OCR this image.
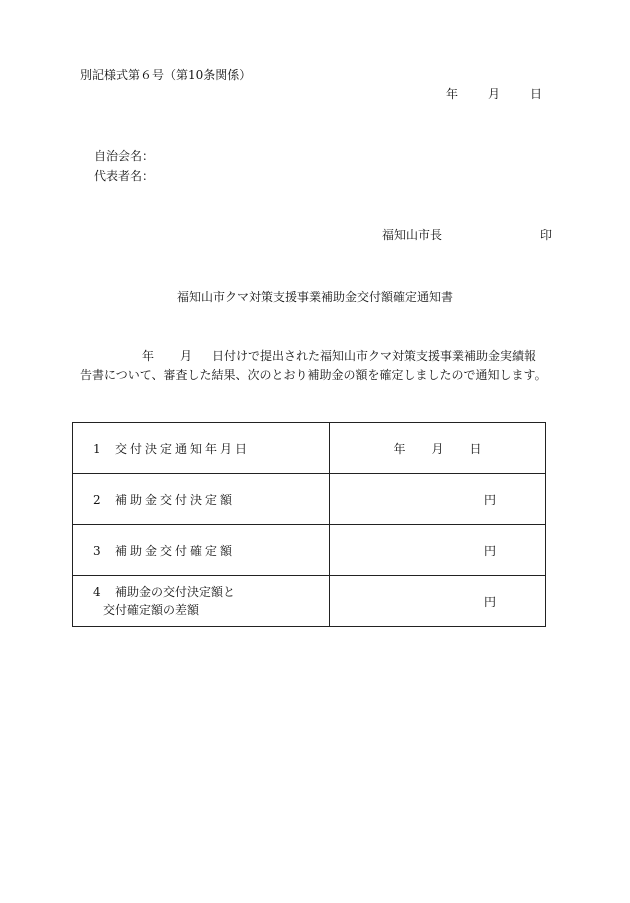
別記様式第６号（第10条関係）
年	月	日
自治会名：
代表者名：
福知山市長	印
福知山市クマ対策支援事業補助金交付額確定通知書
年 月 日付けで提出された福知山市クマ対策支援事業補助金実績報
告書について、審査した結果、次のとおり補助金の額を確定しましたので通知します。
1 交付決定通知年月日	年 月 日
2 補助金交付決定額	円
3 補助金交付確定額	円
4 補助金の交付決定額と
交付確定額の差額	円
